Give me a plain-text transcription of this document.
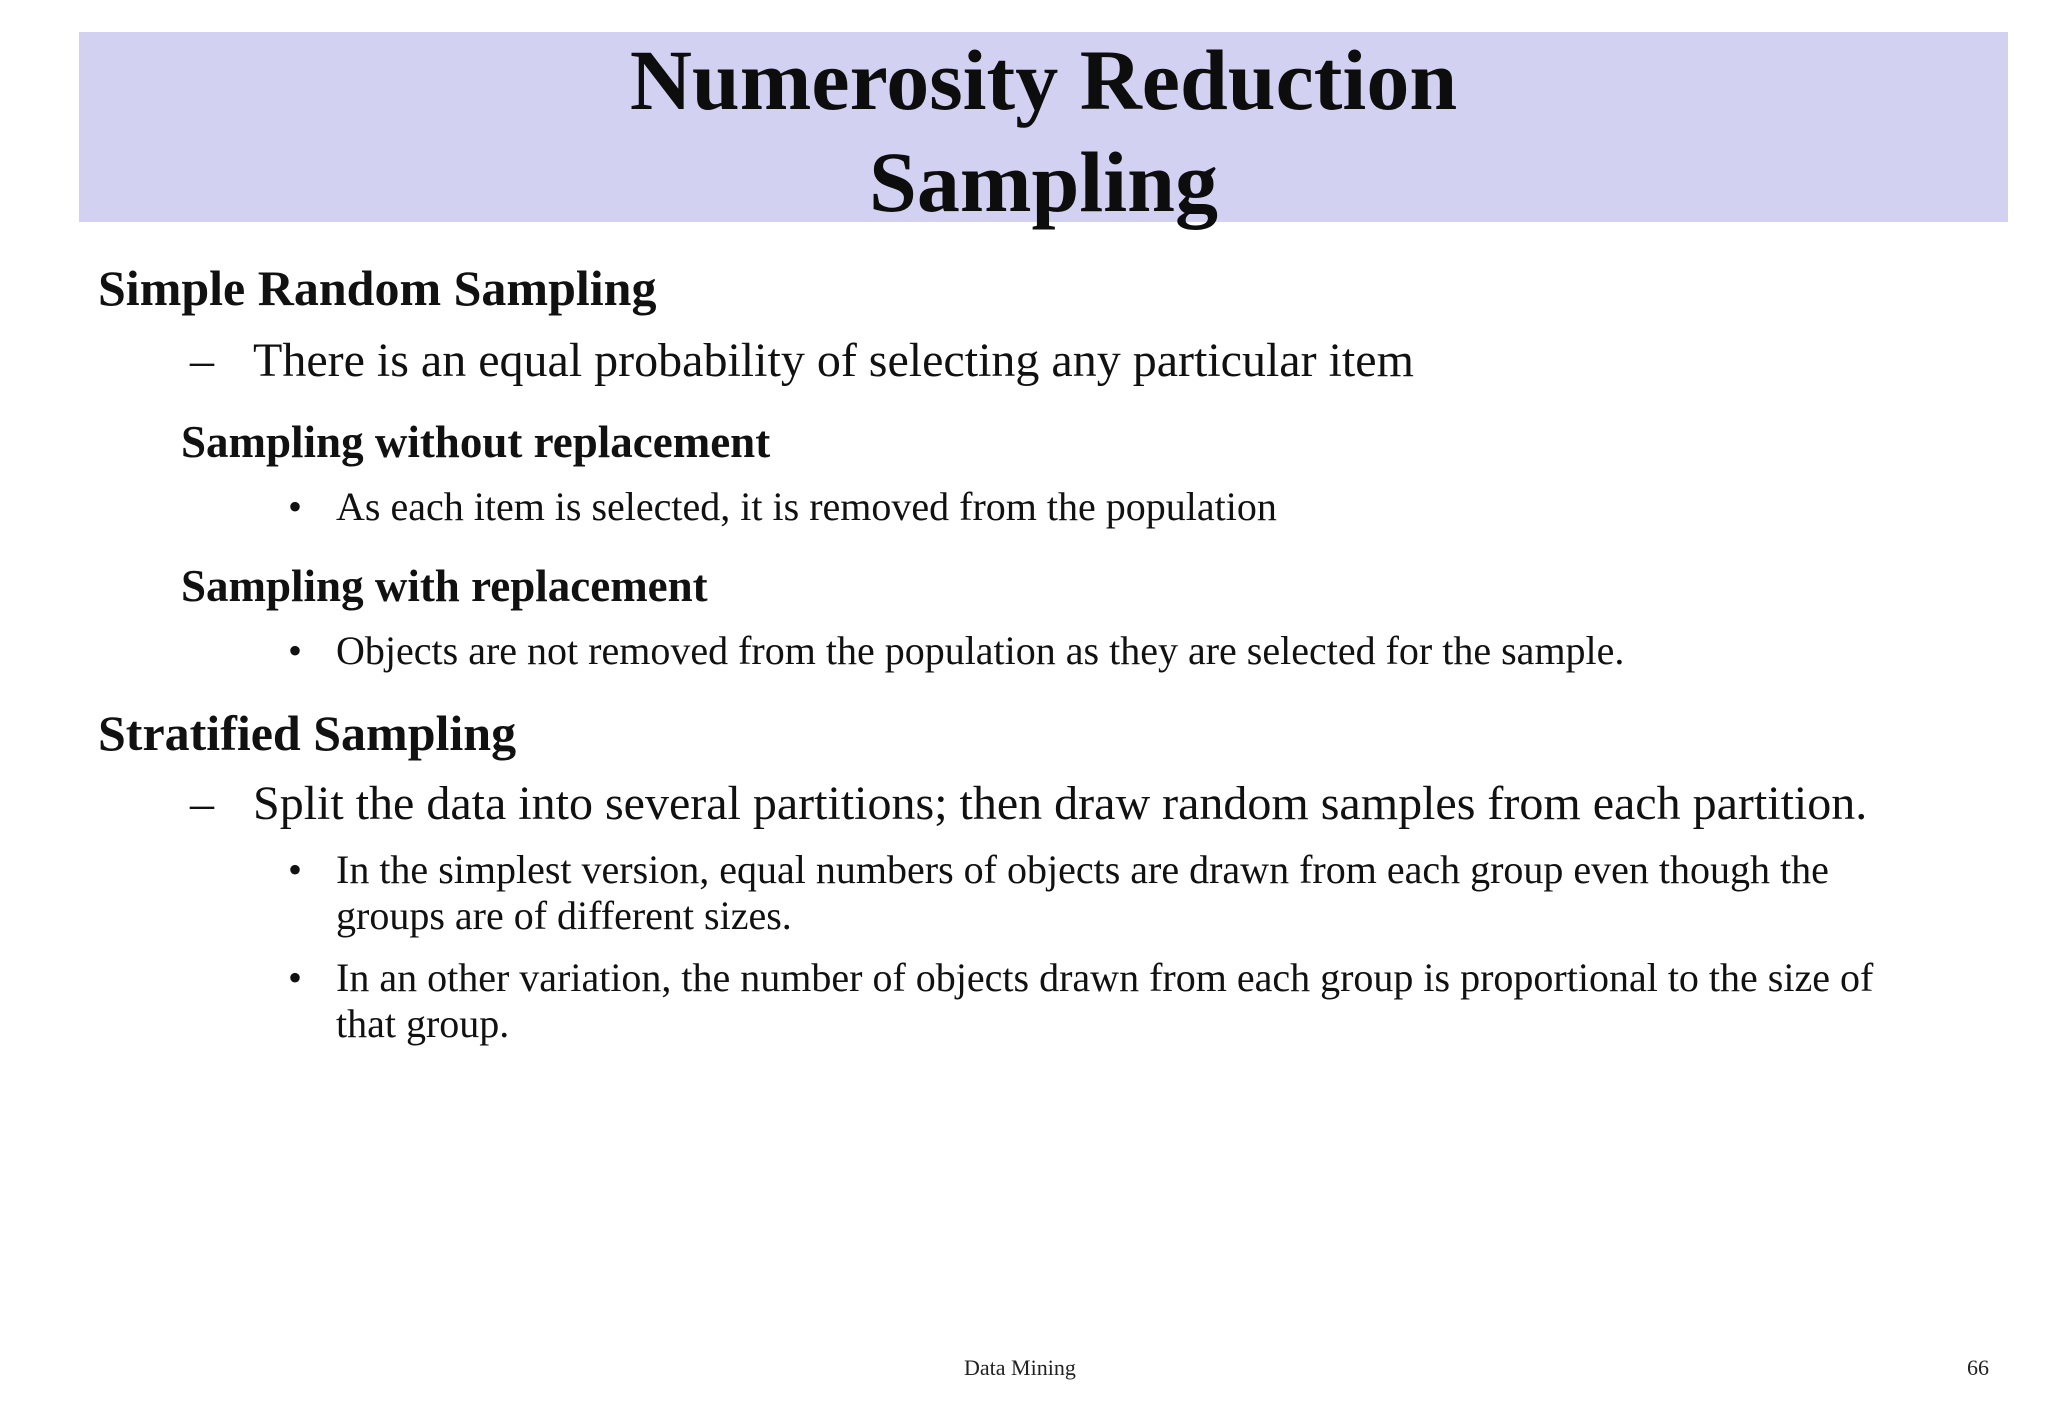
Numerosity Reduction
Sampling
Simple Random Sampling
– There is an equal probability of selecting any particular item
Sampling without replacement
• As each item is selected, it is removed from the population
Sampling with replacement
• Objects are not removed from the population as they are selected for the sample.
Stratified Sampling
– Split the data into several partitions; then draw random samples from each partition.
• In the simplest version, equal numbers of objects are drawn from each group even though the
groups are of different sizes.
• In an other variation, the number of objects drawn from each group is proportional to the size of
that group.
Data Mining	66
